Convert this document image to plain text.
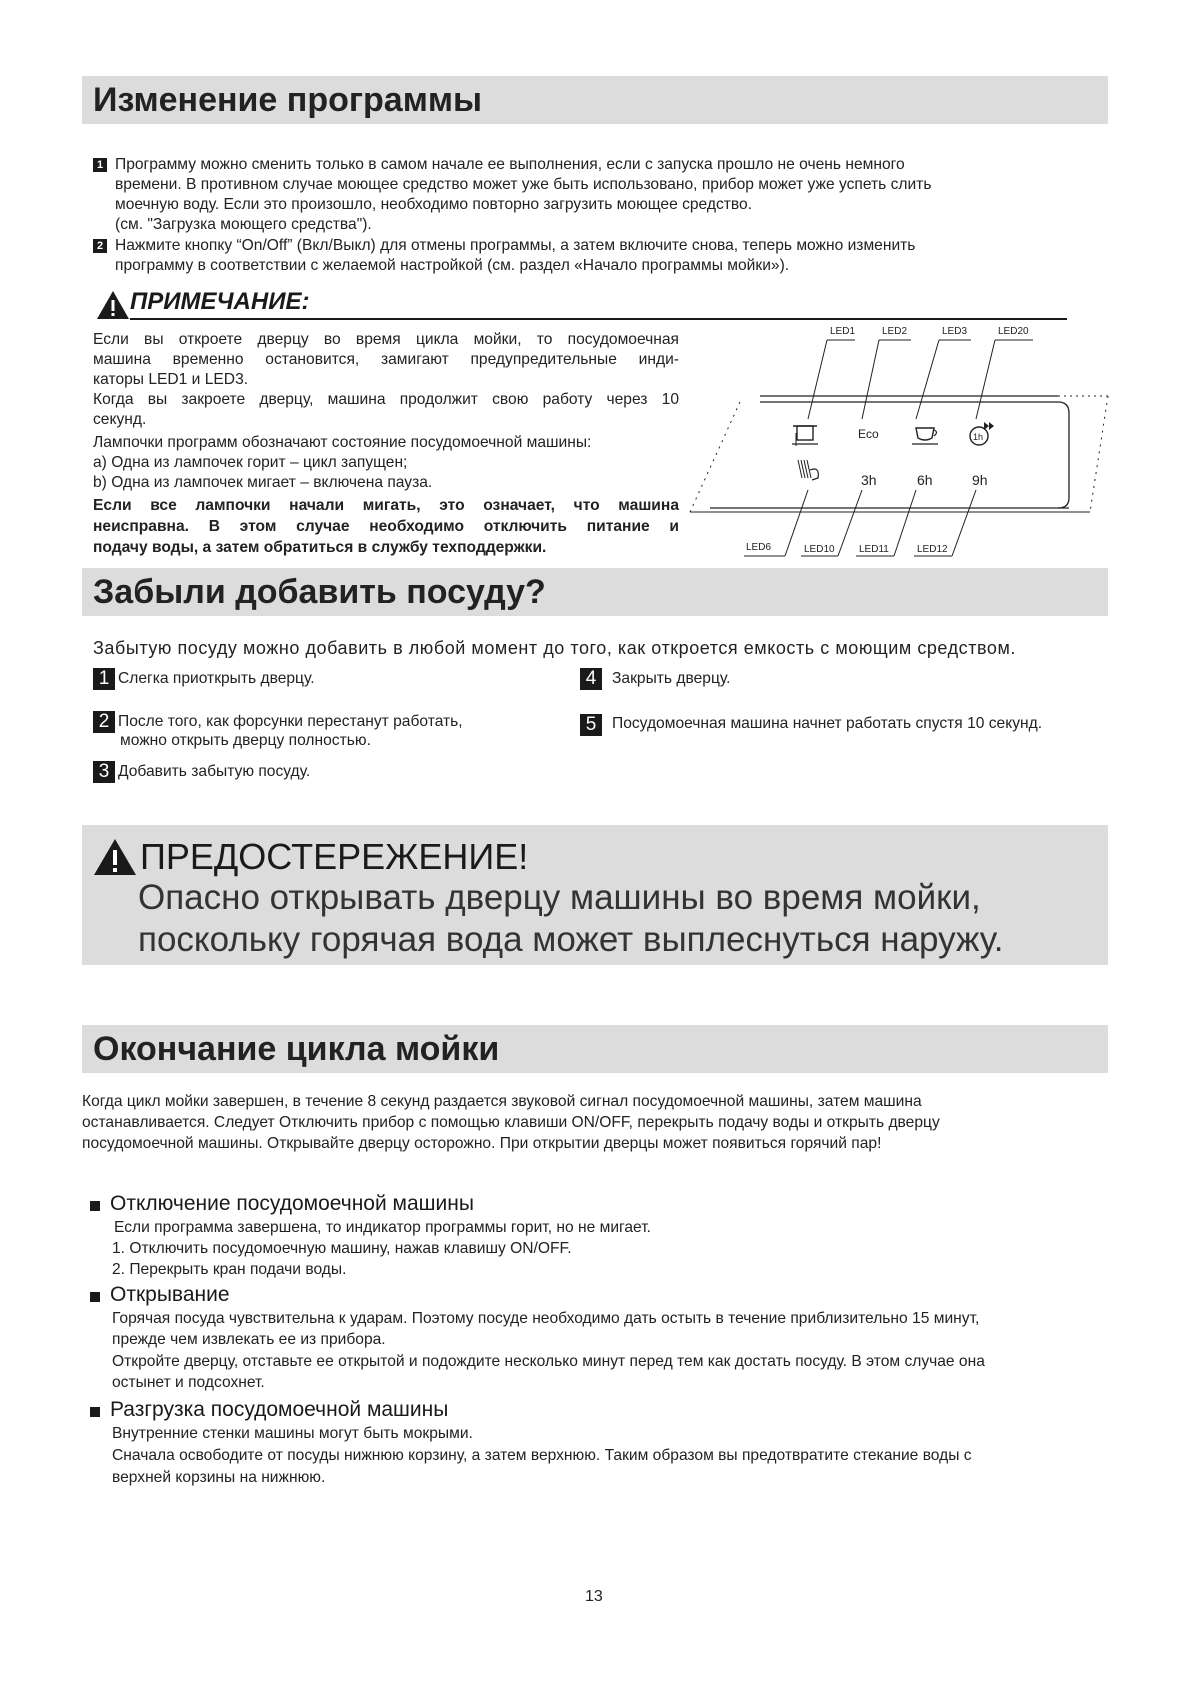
Изменение программы
1 Программу можно сменить только в самом начале ее выполнения, если с запуска прошло не очень немного
времени. В противном случае моющее средство может уже быть использовано, прибор может уже успеть слить
моечную воду. Если это произошло, необходимо повторно загрузить моющее средство.
(см. "Загрузка моющего средства").
2 Нажмите кнопку “On/Off” (Вкл/Выкл) для отмены программы, а затем включите снова, теперь можно изменить
программу в соответствии с желаемой настройкой (см. раздел «Начало программы мойки»).
ПРИМЕЧАНИЕ:
Если вы откроете дверцу во время цикла мойки, то посудомоечная
машина временно остановится, замигают предупредительные инди-
каторы LED1 и LED3.
Когда вы закроете дверцу, машина продолжит свою работу через 10
секунд.
Лампочки программ обозначают состояние посудомоечной машины:
а) Одна из лампочек горит – цикл запущен;
b) Одна из лампочек мигает – включена пауза.
Если все лампочки начали мигать, это означает, что машина
неисправна. В этом случае необходимо отключить питание и
подачу воды, а затем обратиться в службу техподдержки.
LED1	LED2	LED3	LED20
Eco	1h
3h	6h	9h
LED6	LED10 LED11	LED12
Забыли добавить посуду?
Забытую посуду можно добавить в любой момент до того, как откроется емкость с моющим средством.
1 Слегка приоткрыть дверцу.
2 После того, как форсунки перестанут работать,
можно открыть дверцу полностью.
3 Добавить забытую посуду.
4	Закрыть дверцу.
5	Посудомоечная машина начнет работать спустя 10 секунд.
ПРЕДОСТЕРЕЖЕНИЕ!
Опасно открывать дверцу машины во время мойки,
поскольку горячая вода может выплеснуться наружу.
Окончание цикла мойки
Когда цикл мойки завершен, в течение 8 секунд раздается звуковой сигнал посудомоечной машины, затем машина
останавливается. Следует Отключить прибор с помощью клавиши ON/OFF, перекрыть подачу воды и открыть дверцу
посудомоечной машины. Открывайте дверцу осторожно. При открытии дверцы может появиться горячий пар!
Отключение посудомоечной машины
Если программа завершена, то индикатор программы горит, но не мигает.
1. Отключить посудомоечную машину, нажав клавишу ON/OFF.
2. Перекрыть кран подачи воды.
Открывание
Горячая посуда чувствительна к ударам. Поэтому посуде необходимо дать остыть в течение приблизительно 15 минут,
прежде чем извлекать ее из прибора.
Откройте дверцу, отставьте ее открытой и подождите несколько минут перед тем как достать посуду. В этом случае она
остынет и подсохнет.
Разгрузка посудомоечной машины
Внутренние стенки машины могут быть мокрыми.
Сначала освободите от посуды нижнюю корзину, а затем верхнюю. Таким образом вы предотвратите стекание воды с
верхней корзины на нижнюю.
13
